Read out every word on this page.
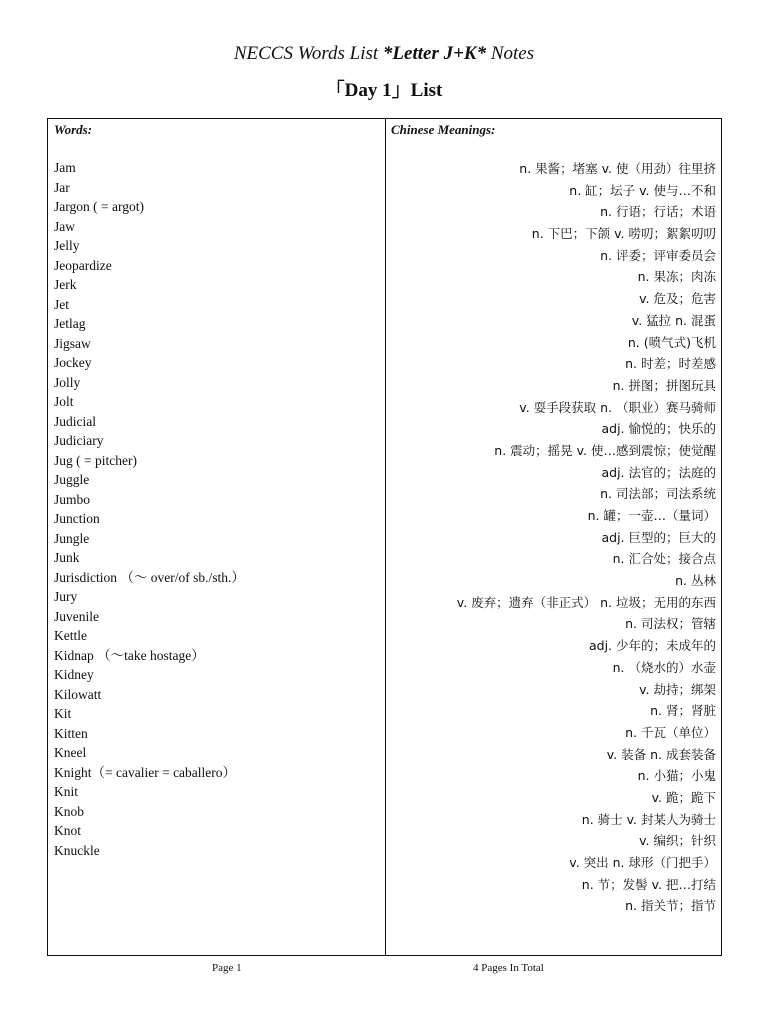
NECCS Words List *Letter J+K* Notes
「Day 1」List
Words:	Chinese Meanings:
Jam
Jar
Jargon ( = argot)
Jaw
Jelly
Jeopardize
Jerk
Jet
Jetlag
Jigsaw
Jockey
Jolly
Jolt
Judicial
Judiciary
Jug ( = pitcher)
Juggle
Jumbo
Junction
Jungle
Junk
Jurisdiction （～ over/of sb./sth.）
Jury
Juvenile
Kettle
Kidnap （～take hostage）
Kidney
Kilowatt
Kit
Kitten
Kneel
Knight（= cavalier = caballero）
Knit
Knob
Knot
Knuckle
n. 果酱；堵塞 v. 使（用劲）往里挤
n. 缸；坛子 v. 使与…不和
n. 行语；行话；术语
n. 下巴；下颌 v. 唠叨；絮絮叨叨
n. 评委；评审委员会
n. 果冻；肉冻
v. 危及；危害
v. 猛拉 n. 混蛋
n. (喷气式)飞机
n. 时差；时差感
n. 拼图；拼图玩具
v. 耍手段获取 n. （职业）赛马骑师
adj. 愉悦的；快乐的
n. 震动；摇晃 v. 使…感到震惊；使觉醒
adj. 法官的；法庭的
n. 司法部；司法系统
n. 罐；一壶…（量词）
adj. 巨型的；巨大的
n. 汇合处；接合点
n. 丛林
v. 废弃；遗弃（非正式） n. 垃圾；无用的东西
n. 司法权；管辖
adj. 少年的；未成年的
n. （烧水的）水壶
v. 劫持；绑架
n. 肾；肾脏
n. 千瓦（单位）
v. 装备 n. 成套装备
n. 小猫；小鬼
v. 跪；跪下
n. 骑士 v. 封某人为骑士
v. 编织；针织
v. 突出 n. 球形（门把手）
n. 节；发髻 v. 把…打结
n. 指关节；指节
Page 1	4 Pages In Total
